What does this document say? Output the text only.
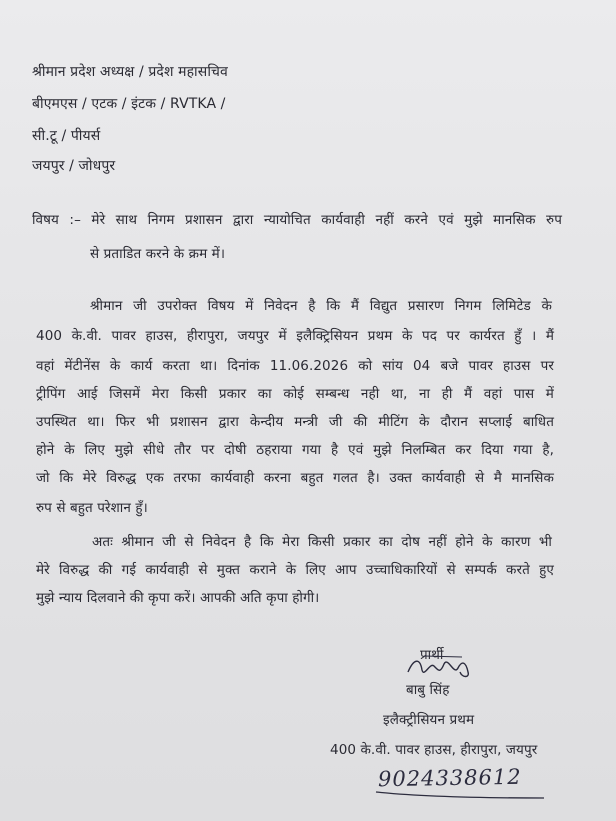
श्रीमान प्रदेश अध्यक्ष / प्रदेश महासचिव
बीएमएस / एटक / इंटक / RVTKA /
सी.टू / पीयर्स
जयपुर / जोधपुर
विषय :– मेरे साथ निगम प्रशासन द्वारा न्यायोचित कार्यवाही नहीं करने एवं मुझे मानसिक रुप
से प्रताडित करने के क्रम में।
श्रीमान जी उपरोक्त विषय में निवेदन है कि मैं विद्युत प्रसारण निगम लिमिटेड के
400 के.वी. पावर हाउस, हीरापुरा, जयपुर में इलैक्ट्रिसियन प्रथम के पद पर कार्यरत हुँ । मैं
वहां मेंटीनेंस के कार्य करता था। दिनांक 11.06.2026 को सांय 04 बजे पावर हाउस पर
ट्रीपिंग आई जिसमें मेरा किसी प्रकार का कोई सम्बन्ध नही था, ना ही मैं वहां पास में
उपस्थित था। फिर भी प्रशासन द्वारा केन्दीय मन्त्री जी की मीटिंग के दौरान सप्लाई बाधित
होने के लिए मुझे सीधे तौर पर दोषी ठहराया गया है एवं मुझे निलम्बित कर दिया गया है,
जो कि मेरे विरुद्ध एक तरफा कार्यवाही करना बहुत गलत है। उक्त कार्यवाही से मै मानसिक
रुप से बहुत परेशान हुँ।
अतः श्रीमान जी से निवेदन है कि मेरा किसी प्रकार का दोष नहीं होने के कारण भी
मेरे विरुद्ध की गई कार्यवाही से मुक्त कराने के लिए आप उच्चाधिकारियों से सम्पर्क करते हुए
मुझे न्याय दिलवाने की कृपा करें। आपकी अति कृपा होगी।
प्रार्थी
बाबु सिंह
इलैक्ट्रीसियन प्रथम
400 के.वी. पावर हाउस, हीरापुरा, जयपुर
9024338612
